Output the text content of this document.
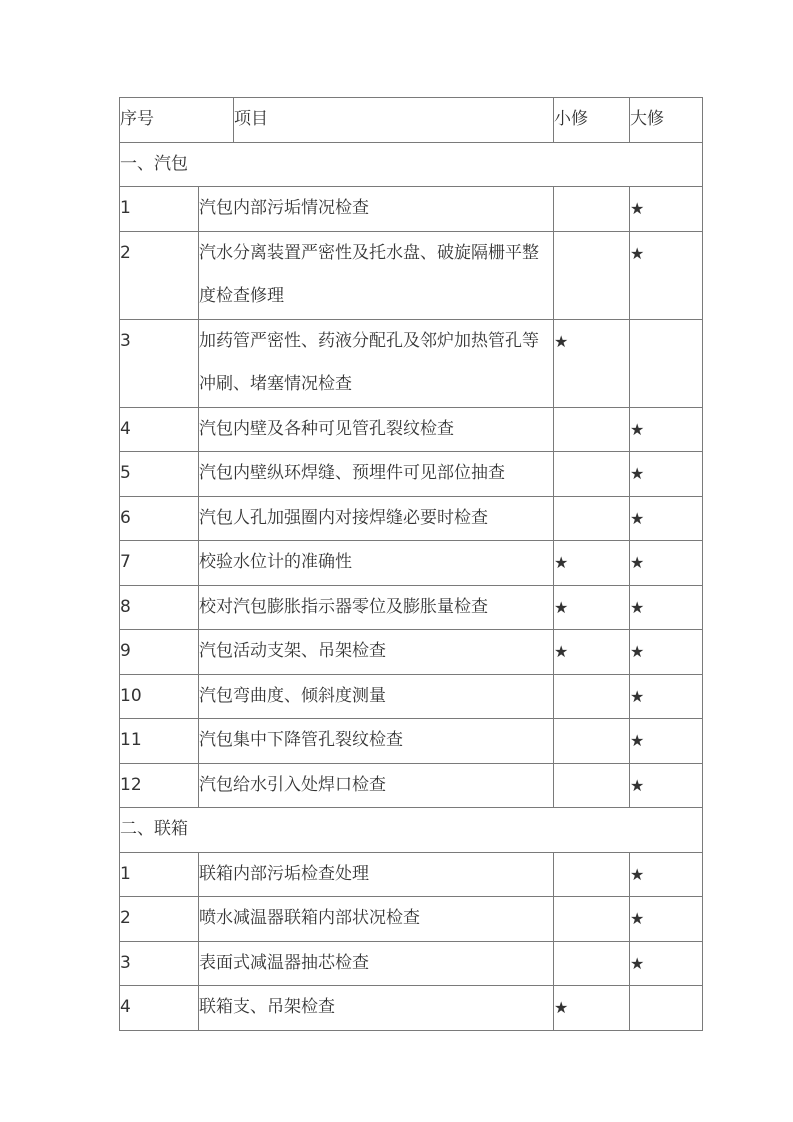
序号		项目	小修	大修
一、汽包				
1	汽包内部污垢情况检查			★
2	汽水分离装置严密性及托水盘、破旋隔栅平整度检查修理			★
3	加药管严密性、药液分配孔及邻炉加热管孔等冲刷、堵塞情况检查		★	
4	汽包内壁及各种可见管孔裂纹检查			★
5	汽包内壁纵环焊缝、预埋件可见部位抽查			★
6	汽包人孔加强圈内对接焊缝必要时检查			★
7	校验水位计的准确性		★	★
8	校对汽包膨胀指示器零位及膨胀量检查		★	★
9	汽包活动支架、吊架检查		★	★
10	汽包弯曲度、倾斜度测量			★
11	汽包集中下降管孔裂纹检查			★
12	汽包给水引入处焊口检查			★
二、联箱				
1	联箱内部污垢检查处理			★
2	喷水减温器联箱内部状况检查			★
3	表面式减温器抽芯检查			★
4	联箱支、吊架检查		★	
